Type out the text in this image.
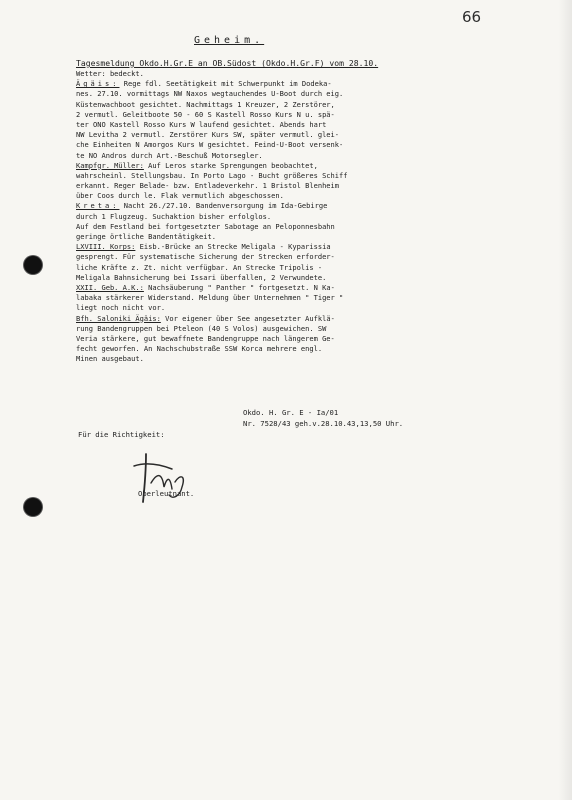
66
Geheim.
Tagesmeldung Okdo.H.Gr.E an OB.Südost (Okdo.H.Gr.F) vom 28.10.
Wetter: bedeckt.
Ägäis: Rege fdl. Seetätigkeit mit Schwerpunkt im Dodeka-
nes. 27.10. vormittags NW Naxos wegtauchendes U-Boot durch eig.
Küstenwachboot gesichtet. Nachmittags 1 Kreuzer, 2 Zerstörer,
2 vermutl. Geleitboote 50 - 60 S Kastell Rosso Kurs N u. spä-
ter ONO Kastell Rosso Kurs W laufend gesichtet. Abends hart
NW Levitha 2 vermutl. Zerstörer Kurs SW, später vermutl. glei-
che Einheiten N Amorgos Kurs W gesichtet. Feind-U-Boot versenk-
te NO Andros durch Art.-Beschuß Motorsegler.
Kampfgr. Müller: Auf Leros starke Sprengungen beobachtet,
wahrscheinl. Stellungsbau. In Porto Lago - Bucht größeres Schiff
erkannt. Reger Belade- bzw. Entladeverkehr. 1 Bristol Blenheim
über Coos durch le. Flak vermutlich abgeschossen.
Kreta: Nacht 26./27.10. Bandenversorgung im Ida-Gebirge
durch 1 Flugzeug. Suchaktion bisher erfolglos.
Auf dem Festland bei fortgesetzter Sabotage an Peloponnesbahn
geringe örtliche Bandentätigkeit.
LXVIII. Korps: Eisb.-Brücke an Strecke Meligala - Kyparissia
gesprengt. Für systematische Sicherung der Strecken erforder-
liche Kräfte z. Zt. nicht verfügbar. An Strecke Tripolis -
Meligala Bahnsicherung bei Issari überfallen, 2 Verwundete.
XXII. Geb. A.K.: Nachsäuberung " Panther " fortgesetzt. N Ka-
labaka stärkerer Widerstand. Meldung über Unternehmen " Tiger "
liegt noch nicht vor.
Bfh. Saloniki Ägäis: Vor eigener über See angesetzter Aufklä-
rung Bandengruppen bei Pteleon (40 S Volos) ausgewichen. SW
Veria stärkere, gut bewaffnete Bandengruppe nach längerem Ge-
fecht geworfen. An Nachschubstraße SSW Korca mehrere engl.
Minen ausgebaut.
Okdo. H. Gr. E - Ia/01
Nr. 7528/43 geh.v.28.10.43,13,50 Uhr.
Für die Richtigkeit:
Oberleutnant.
